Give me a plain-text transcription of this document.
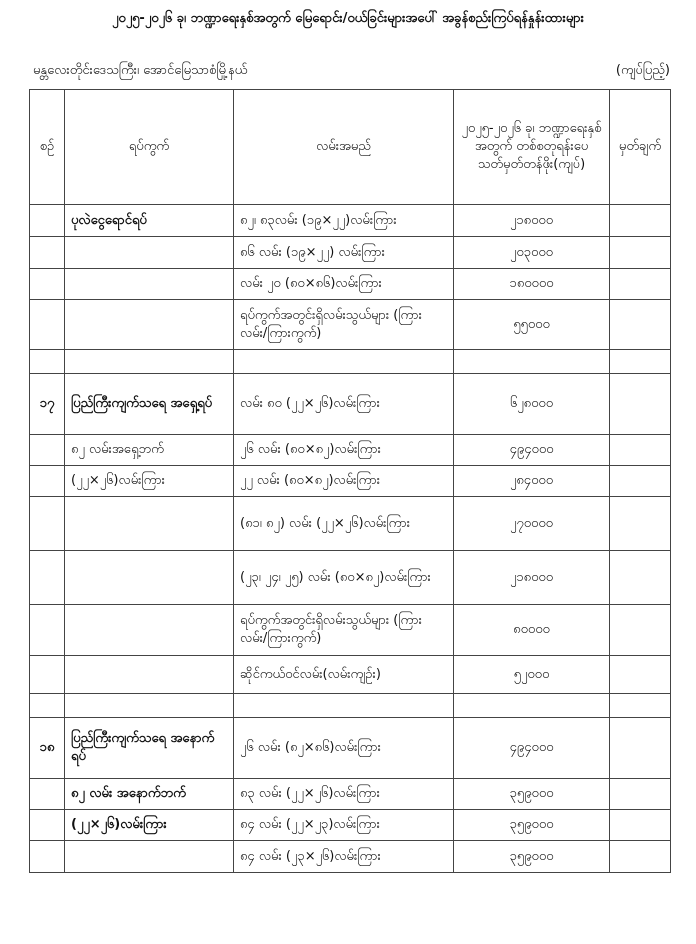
၂၀၂၅-၂၀၂၆ ခု၊ ဘဏ္ဍာရေးနှစ်အတွက် မြေရောင်း/ဝယ်ခြင်းများအပေါ် အခွန်စည်းကြပ်ရန်နှုန်းထားများ
မန္တလေးတိုင်းဒေသကြီး၊ အောင်မြေသာစံမြို့နယ်	(ကျပ်ပြည့်)
စဉ်	ရပ်ကွက်	လမ်းအမည်	၂၀၂၅-၂၀၂၆ ခု၊ ဘဏ္ဍာရေးနှစ်အတွက် တစ်စတုရန်းပေ သတ်မှတ်တန်ဖိုး(ကျပ်)	မှတ်ချက်
	ပုလဲငွေရောင်ရပ်	၈၂၊ ၈၃လမ်း (၁၉×၂၂)လမ်းကြား	၂၁၈၀၀၀	
		၈၆ လမ်း (၁၉×၂၂) လမ်းကြား	၂၀၃၀၀၀	
		လမ်း ၂၀ (၈၀×၈၆)လမ်းကြား	၁၈၀၀၀၀	
		ရပ်ကွက်အတွင်းရှိလမ်းသွယ်များ (ကြားလမ်း/ကြားကွက်)	၅၅၀၀၀	

၁၇	ပြည်ကြီးကျက်သရေ အရှေ့ရပ်	လမ်း ၈၀ (၂၂×၂၆)လမ်းကြား	၆၂၈၀၀၀	
	၈၂ လမ်းအရှေ့ဘက်	၂၆ လမ်း (၈၀×၈၂)လမ်းကြား	၄၉၄၀၀၀	
	(၂၂×၂၆)လမ်းကြား	၂၂ လမ်း (၈၀×၈၂)လမ်းကြား	၂၈၄၀၀၀	
		(၈၁၊ ၈၂) လမ်း (၂၂×၂၆)လမ်းကြား	၂၇၀၀၀၀	
		(၂၃၊ ၂၄၊ ၂၅) လမ်း (၈၀×၈၂)လမ်းကြား	၂၁၈၀၀၀	
		ရပ်ကွက်အတွင်းရှိလမ်းသွယ်များ (ကြားလမ်း/ကြားကွက်)	၈၀၀၀၀	
		ဆိုင်ကယ်ဝင်လမ်း(လမ်းကျဉ်း)	၅၂၀၀၀	

၁၈	ပြည်ကြီးကျက်သရေ အနောက်ရပ်	၂၆ လမ်း (၈၂×၈၆)လမ်းကြား	၄၉၄၀၀၀	
	၈၂ လမ်း အနောက်ဘက်	၈၃ လမ်း (၂၂×၂၆)လမ်းကြား	၃၅၉၀၀၀	
	(၂၂×၂၆)လမ်းကြား	၈၄ လမ်း (၂၂×၂၃)လမ်းကြား	၃၅၉၀၀၀	
		၈၄ လမ်း (၂၃×၂၆)လမ်းကြား	၃၅၉၀၀၀	
